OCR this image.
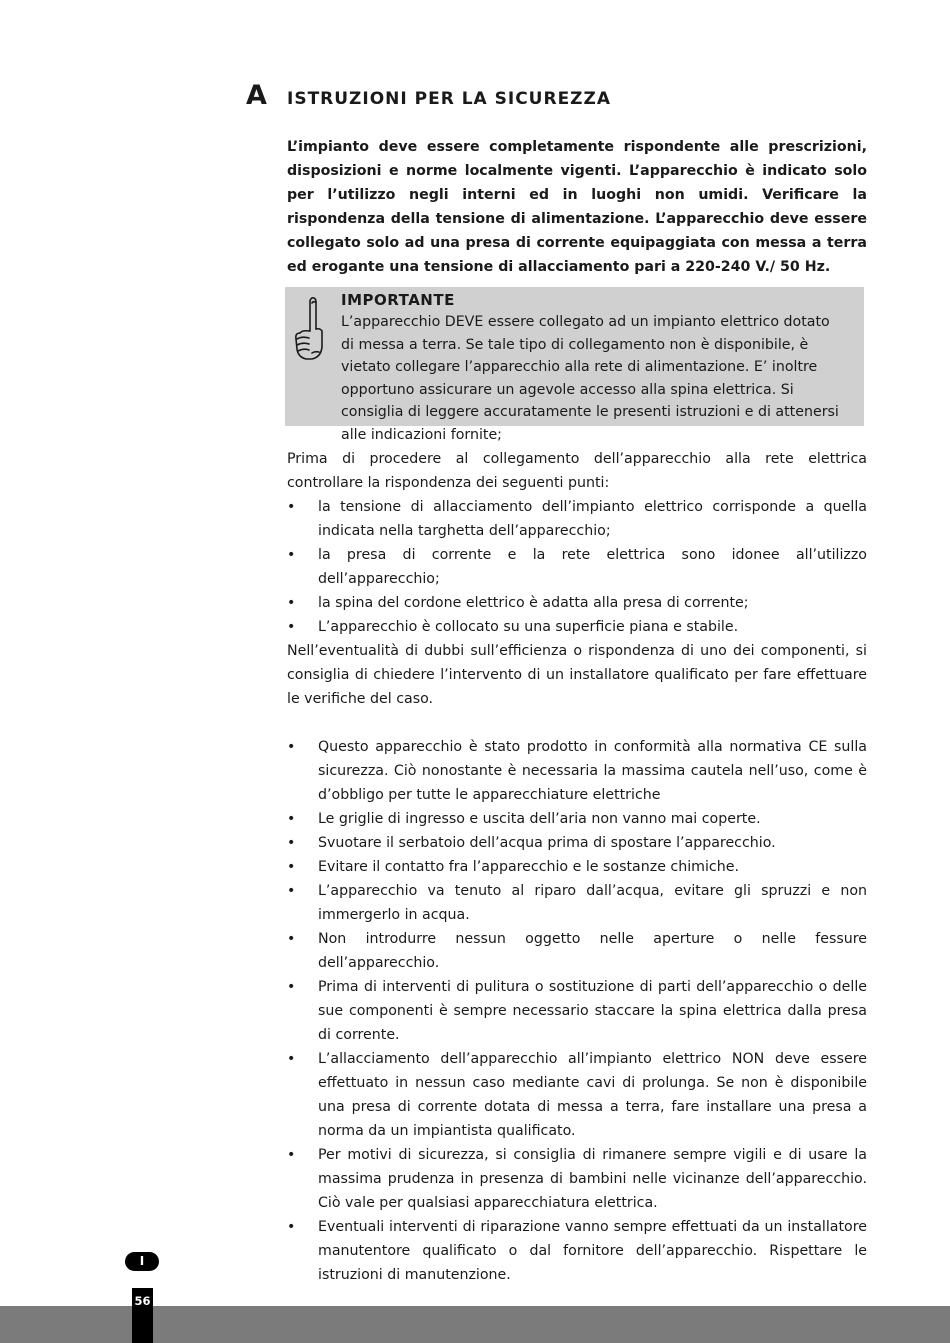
A ISTRUZIONI PER LA SICUREZZA

L’impianto deve essere completamente rispondente alle prescrizioni, disposizioni e norme localmente vigenti. L’apparecchio è indicato solo per l’utilizzo negli interni ed in luoghi non umidi. Verificare la rispondenza della tensione di alimentazione. L’apparecchio deve essere collegato solo ad una presa di corrente equipaggiata con messa a terra ed erogante una tensione di allacciamento pari a 220-240 V./ 50 Hz.

IMPORTANTE

L’apparecchio DEVE essere collegato ad un impianto elettrico dotato di messa a terra. Se tale tipo di collegamento non è disponibile, è vietato collegare l’apparecchio alla rete di alimentazione. E’ inoltre opportuno assicurare un agevole accesso alla spina elettrica. Si consiglia di leggere accuratamente le presenti istruzioni e di attenersi alle indicazioni fornite;

Prima di procedere al collegamento dell’apparecchio alla rete elettrica controllare la rispondenza dei seguenti punti:

• la tensione di allacciamento dell’impianto elettrico corrisponde a quella indicata nella targhetta dell’apparecchio;
• la presa di corrente e la rete elettrica sono idonee all’utilizzo dell’apparecchio;
• la spina del cordone elettrico è adatta alla presa di corrente;
• L’apparecchio è collocato su una superficie piana e stabile.

Nell’eventualità di dubbi sull’efficienza o rispondenza di uno dei componenti, si consiglia di chiedere l’intervento di un installatore qualificato per fare effettuare le verifiche del caso.

• Questo apparecchio è stato prodotto in conformità alla normativa CE sulla sicurezza. Ciò nonostante è necessaria la massima cautela nell’uso, come è d’obbligo per tutte le apparecchiature elettriche
• Le griglie di ingresso e uscita dell’aria non vanno mai coperte.
• Svuotare il serbatoio dell’acqua prima di spostare l’apparecchio.
• Evitare il contatto fra l’apparecchio e le sostanze chimiche.
• L’apparecchio va tenuto al riparo dall’acqua, evitare gli spruzzi e non immergerlo in acqua.
• Non introdurre nessun oggetto nelle aperture o nelle fessure dell’apparecchio.
• Prima di interventi di pulitura o sostituzione di parti dell’apparecchio o delle sue componenti è sempre necessario staccare la spina elettrica dalla presa di corrente.
• L’allacciamento dell’apparecchio all’impianto elettrico NON deve essere effettuato in nessun caso mediante cavi di prolunga. Se non è disponibile una presa di corrente dotata di messa a terra, fare installare una presa a norma da un impiantista qualificato.
• Per motivi di sicurezza, si consiglia di rimanere sempre vigili e di usare la massima prudenza in presenza di bambini nelle vicinanze dell’apparecchio. Ciò vale per qualsiasi apparecchiatura elettrica.
• Eventuali interventi di riparazione vanno sempre effettuati da un installatore manutentore qualificato o dal fornitore dell’apparecchio. Rispettare le istruzioni di manutenzione.
I
56
